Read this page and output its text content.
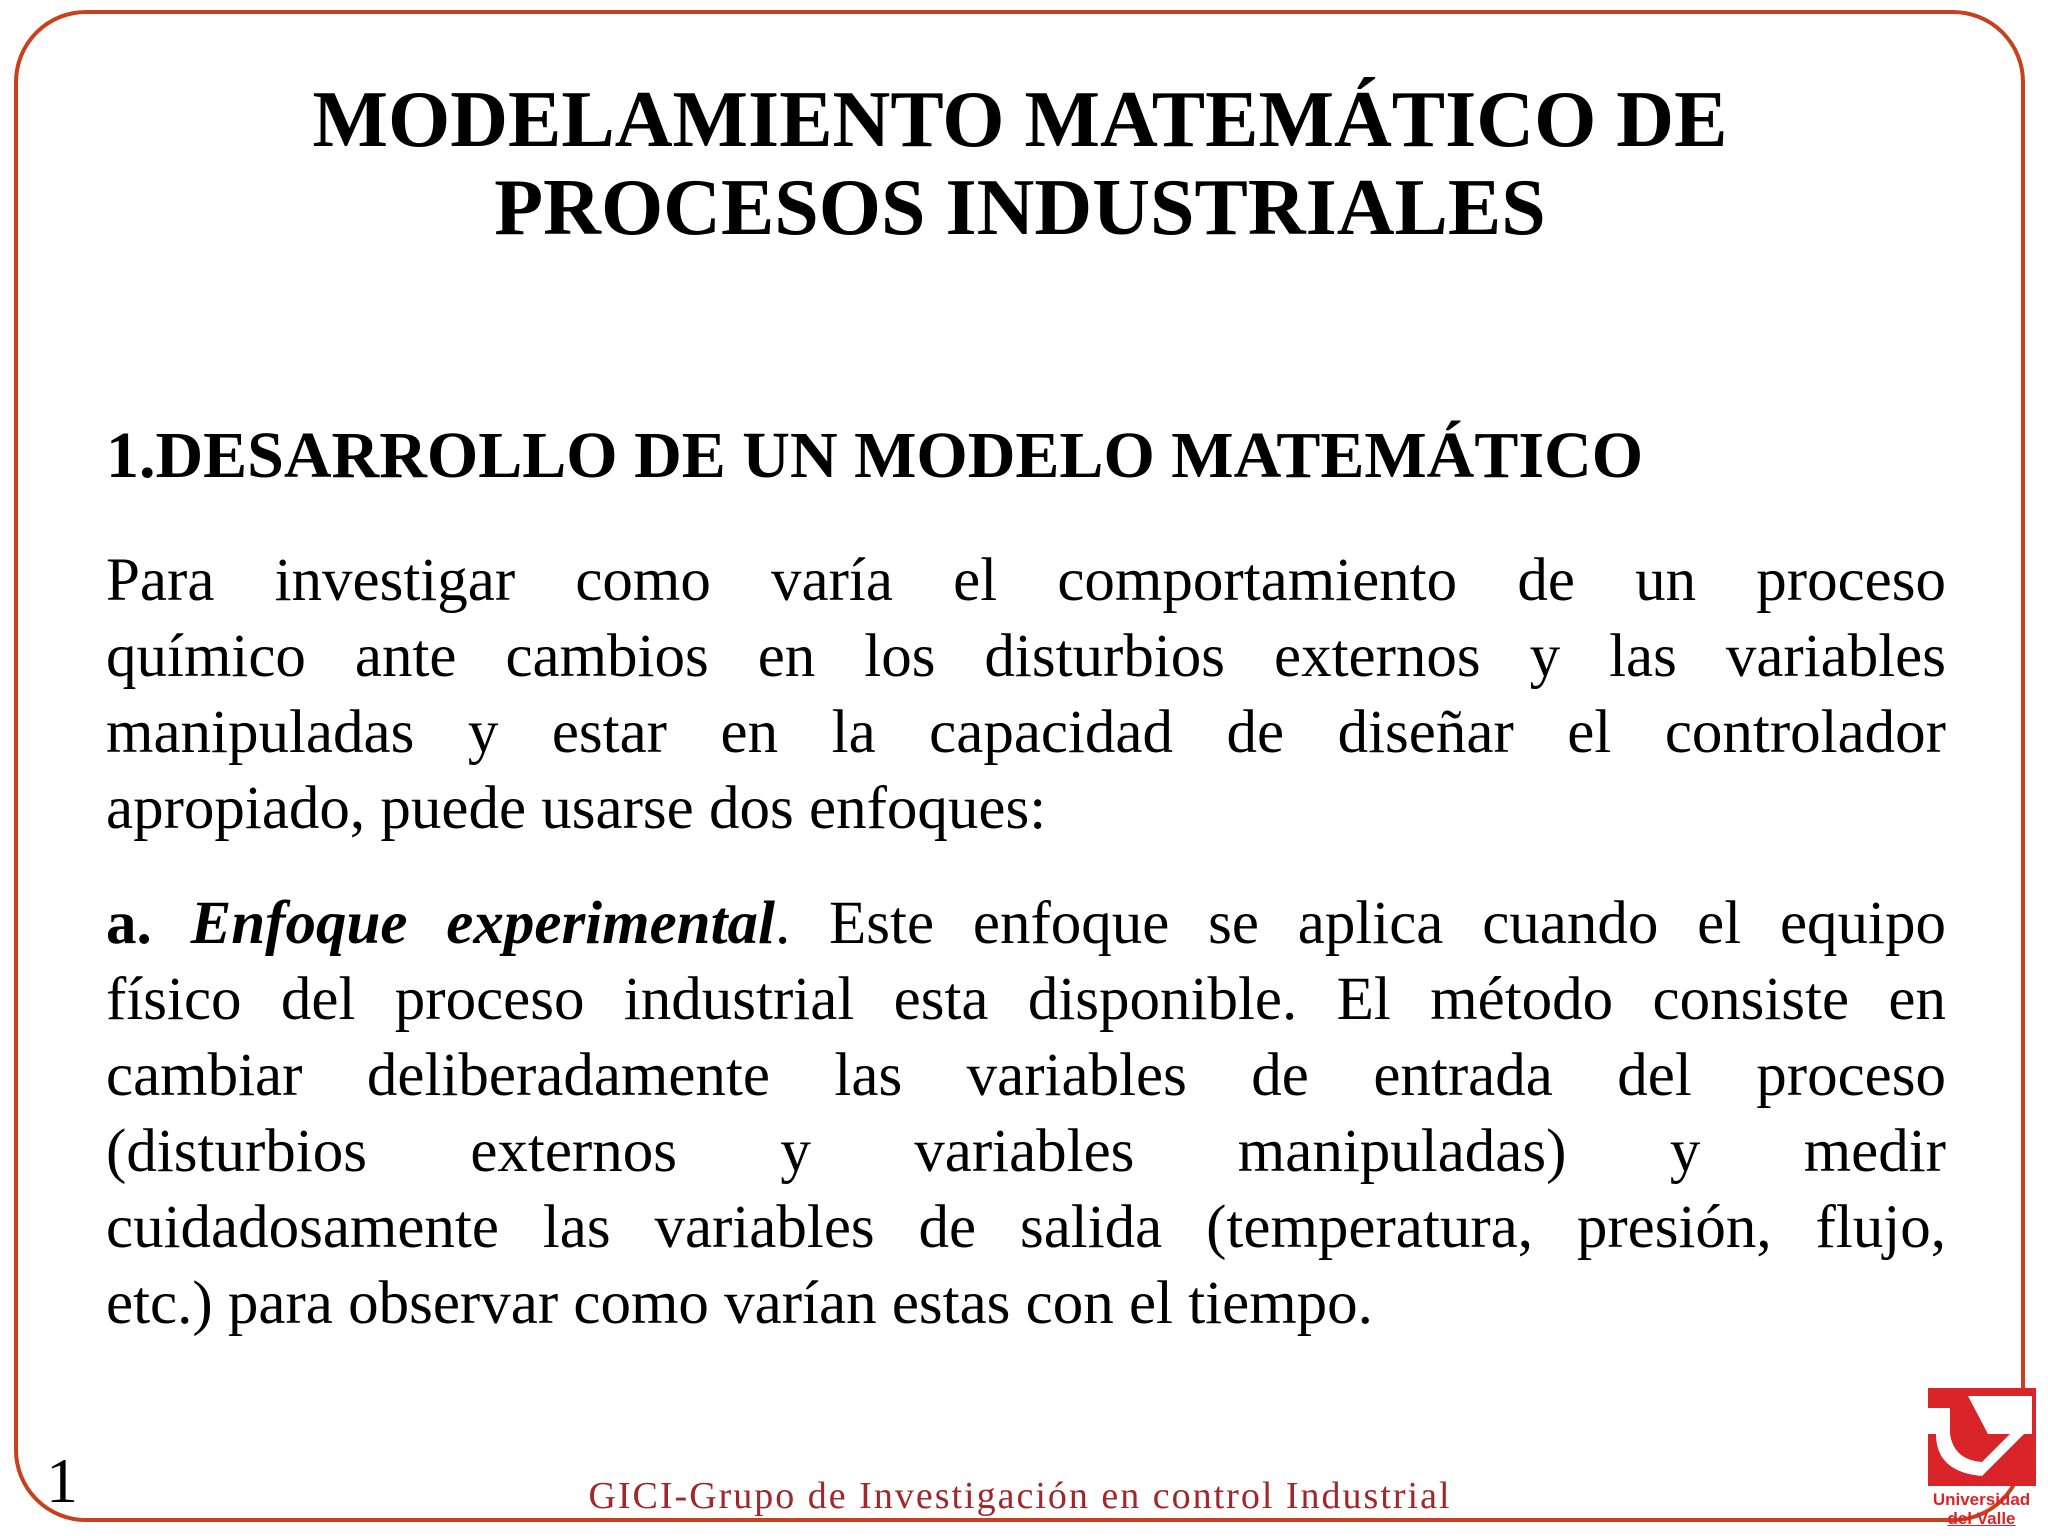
MODELAMIENTO MATEMÁTICO DE
PROCESOS INDUSTRIALES
1.DESARROLLO DE UN MODELO MATEMÁTICO

Para investigar como varía el comportamiento de un proceso
químico ante cambios en los disturbios externos y las variables
manipuladas y estar en la capacidad de diseñar el controlador
apropiado, puede usarse dos enfoques:

a. Enfoque experimental. Este enfoque se aplica cuando el equipo
físico del proceso industrial esta disponible. El método consiste en
cambiar deliberadamente las variables de entrada del proceso
(disturbios externos y variables manipuladas) y medir
cuidadosamente las variables de salida (temperatura, presión, flujo,
etc.) para observar como varían estas con el tiempo.

1	GICI-Grupo de Investigación en control Industrial	Universidad
del Valle
